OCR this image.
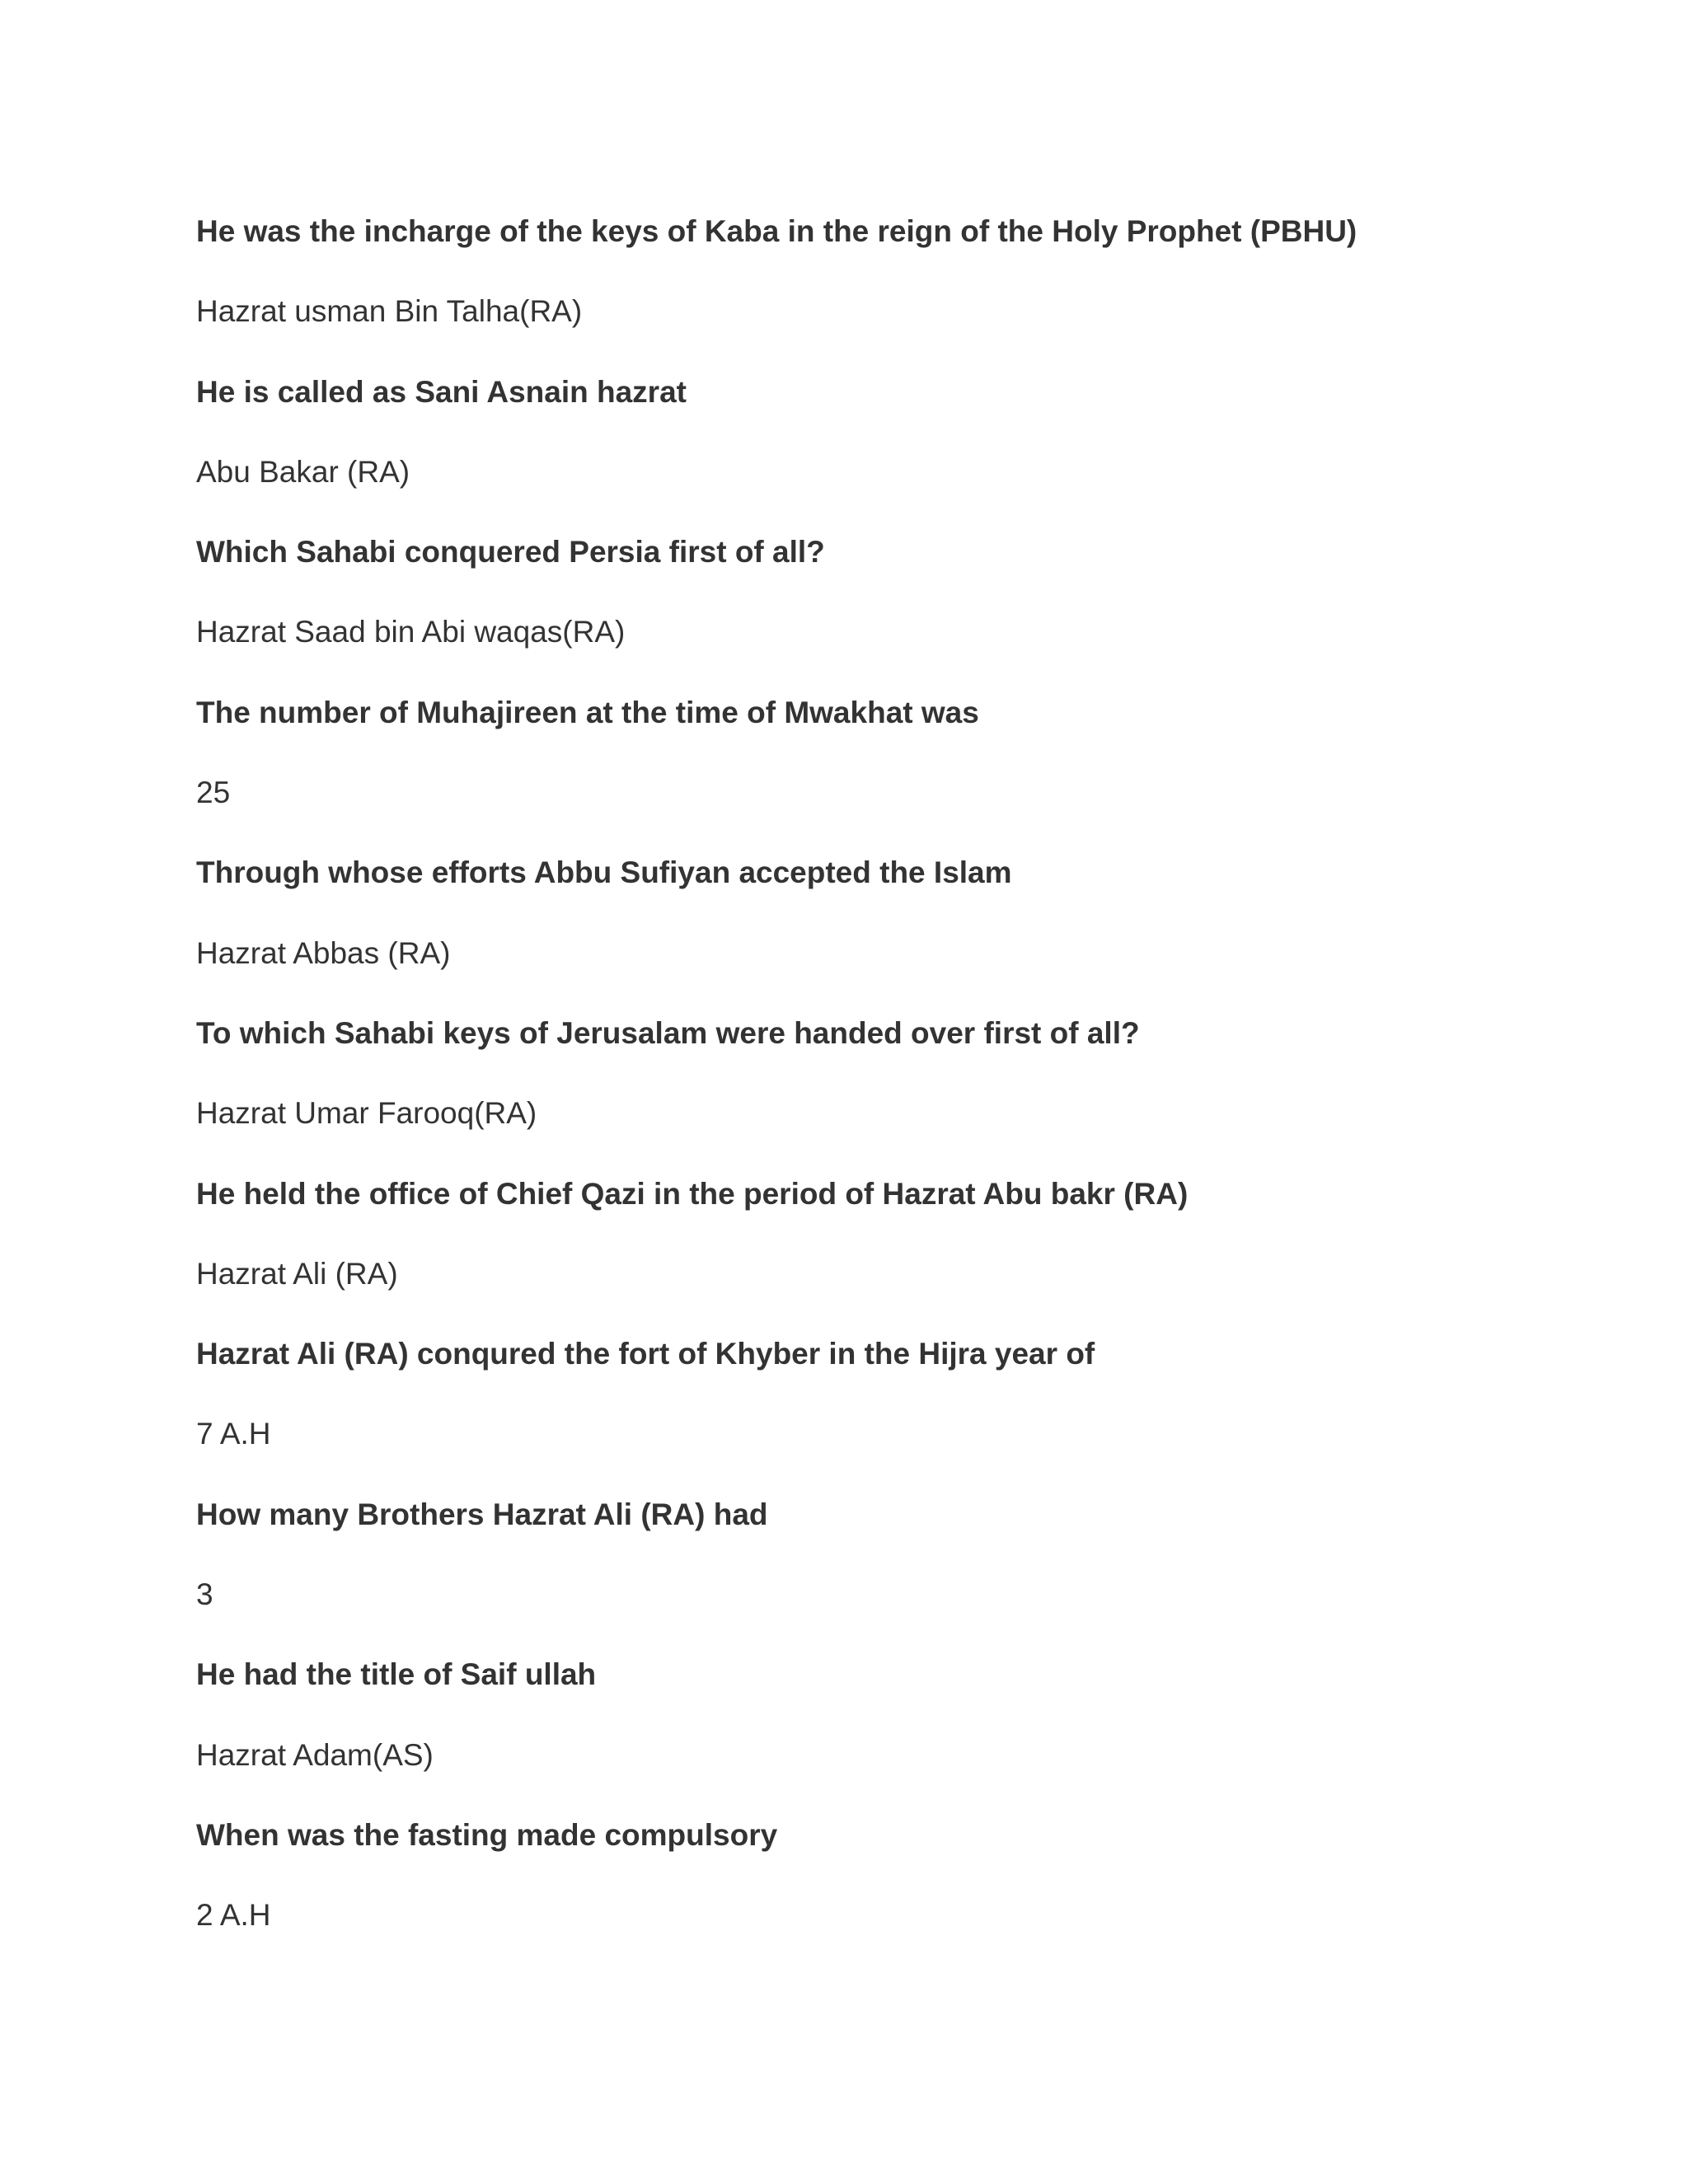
He was the incharge of the keys of Kaba in the reign of the Holy Prophet (PBHU)
Hazrat usman Bin Talha(RA)
He is called as Sani Asnain hazrat
Abu Bakar (RA)
Which Sahabi conquered Persia first of all?
Hazrat Saad bin Abi waqas(RA)
The number of Muhajireen at the time of Mwakhat was
25
Through whose efforts Abbu Sufiyan accepted the Islam
Hazrat Abbas (RA)
To which Sahabi keys of Jerusalam were handed over first of all?
Hazrat Umar Farooq(RA)
He held the office of Chief Qazi in the period of Hazrat Abu bakr (RA)
Hazrat Ali (RA)
Hazrat Ali (RA) conqured the fort of Khyber in the Hijra year of
7 A.H
How many Brothers Hazrat Ali (RA) had
3
He had the title of Saif ullah
Hazrat Adam(AS)
When was the fasting made compulsory
2 A.H
